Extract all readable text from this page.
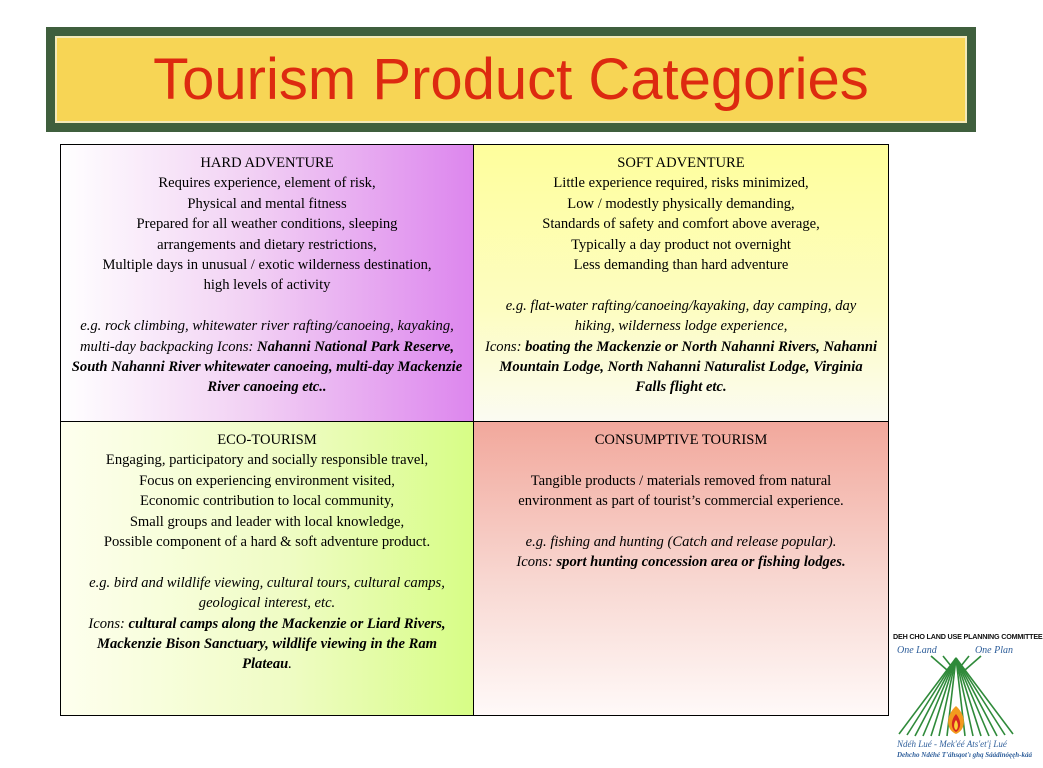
Tourism Product Categories
HARD ADVENTURE
Requires experience, element of risk,
Physical and mental fitness
Prepared for all weather conditions, sleeping
arrangements and dietary restrictions,
Multiple days in unusual / exotic wilderness destination,
high levels of activity
e.g. rock climbing, whitewater river rafting/canoeing, kayaking, multi-day backpacking Icons: Nahanni National Park Reserve, South Nahanni River whitewater canoeing, multi-day Mackenzie River canoeing etc..
SOFT ADVENTURE
Little experience required, risks minimized,
Low / modestly physically demanding,
Standards of safety and comfort above average,
Typically a day product not overnight
Less demanding than hard adventure
e.g. flat-water rafting/canoeing/kayaking, day camping, day hiking, wilderness lodge experience,
Icons: boating the Mackenzie or North Nahanni Rivers, Nahanni Mountain Lodge, North Nahanni Naturalist Lodge, Virginia Falls flight etc.
ECO-TOURISM
Engaging, participatory and socially responsible travel,
Focus on experiencing environment visited,
Economic contribution to local community,
Small groups and leader with local knowledge,
Possible component of a hard & soft adventure product.
e.g. bird and wildlife viewing, cultural tours, cultural camps, geological interest, etc.
Icons: cultural camps along the Mackenzie or Liard Rivers, Mackenzie Bison Sanctuary, wildlife viewing in the Ram Plateau.
CONSUMPTIVE TOURISM
Tangible products / materials removed from natural
environment as part of tourist’s commercial experience.
e.g. fishing and hunting (Catch and release popular).
Icons: sport hunting concession area or fishing lodges.
DEH CHO LAND USE PLANNING COMMITTEE
One Land	One Plan
Ndéh Lué - Mek'éé Ats'et'į Lué
Dehcho Ndéhé T'áhsąot'ı ghą Sáádinóęęh-káá
